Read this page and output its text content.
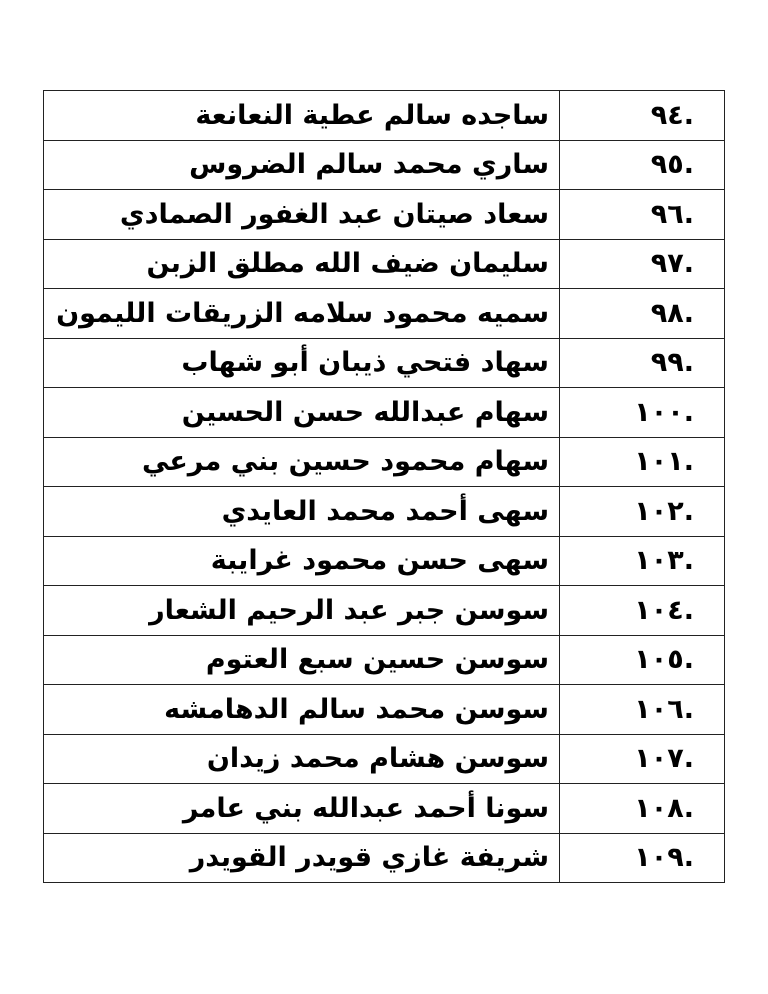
.٩٤	ساجده سالم عطية النعانعة
.٩٥	ساري محمد سالم الضروس
.٩٦	سعاد صيتان عبد الغفور الصمادي
.٩٧	سليمان ضيف الله مطلق الزبن
.٩٨	سميه محمود سلامه الزريقات الليمون
.٩٩	سهاد فتحي ذيبان أبو شهاب
.١٠٠	سهام عبدالله حسن الحسين
.١٠١	سهام محمود حسين بني مرعي
.١٠٢	سهى أحمد محمد العايدي
.١٠٣	سهى حسن محمود غرايبة
.١٠٤	سوسن جبر عبد الرحيم الشعار
.١٠٥	سوسن حسين سبع العتوم
.١٠٦	سوسن محمد سالم الدهامشه
.١٠٧	سوسن هشام محمد زيدان
.١٠٨	سونا أحمد عبدالله بني عامر
.١٠٩	شريفة غازي قويدر القويدر
